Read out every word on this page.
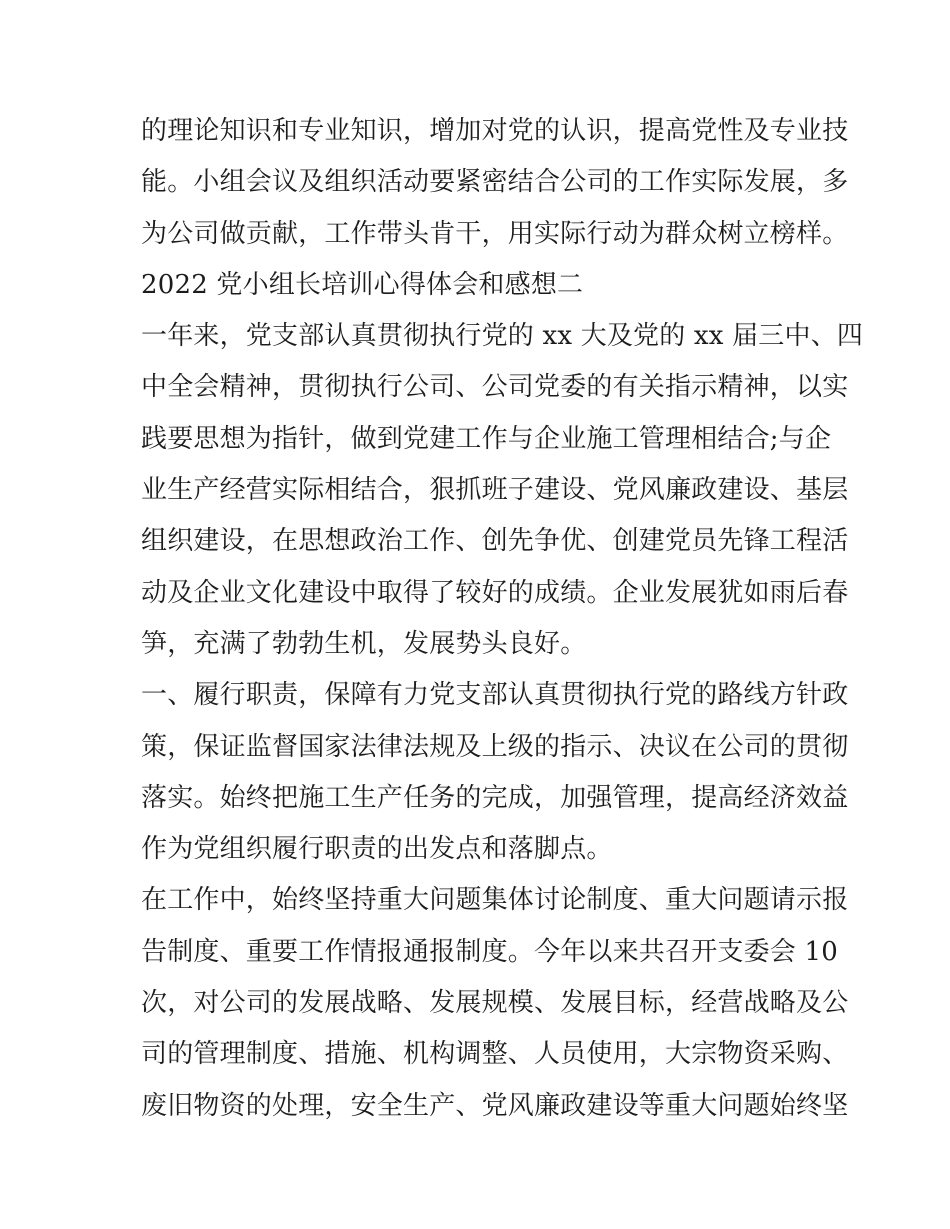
的理论知识和专业知识，增加对党的认识，提高党性及专业技
能。小组会议及组织活动要紧密结合公司的工作实际发展，多
为公司做贡献，工作带头肯干，用实际行动为群众树立榜样。
2022 党小组长培训心得体会和感想二
一年来，党支部认真贯彻执行党的 xx 大及党的 xx 届三中、四
中全会精神，贯彻执行公司、公司党委的有关指示精神，以实
践要思想为指针，做到党建工作与企业施工管理相结合;与企
业生产经营实际相结合，狠抓班子建设、党风廉政建设、基层
组织建设，在思想政治工作、创先争优、创建党员先锋工程活
动及企业文化建设中取得了较好的成绩。企业发展犹如雨后春
笋，充满了勃勃生机，发展势头良好。
一、履行职责，保障有力党支部认真贯彻执行党的路线方针政
策，保证监督国家法律法规及上级的指示、决议在公司的贯彻
落实。始终把施工生产任务的完成，加强管理，提高经济效益
作为党组织履行职责的出发点和落脚点。
在工作中，始终坚持重大问题集体讨论制度、重大问题请示报
告制度、重要工作情报通报制度。今年以来共召开支委会 10
次，对公司的发展战略、发展规模、发展目标，经营战略及公
司的管理制度、措施、机构调整、人员使用，大宗物资采购、
废旧物资的处理，安全生产、党风廉政建设等重大问题始终坚
